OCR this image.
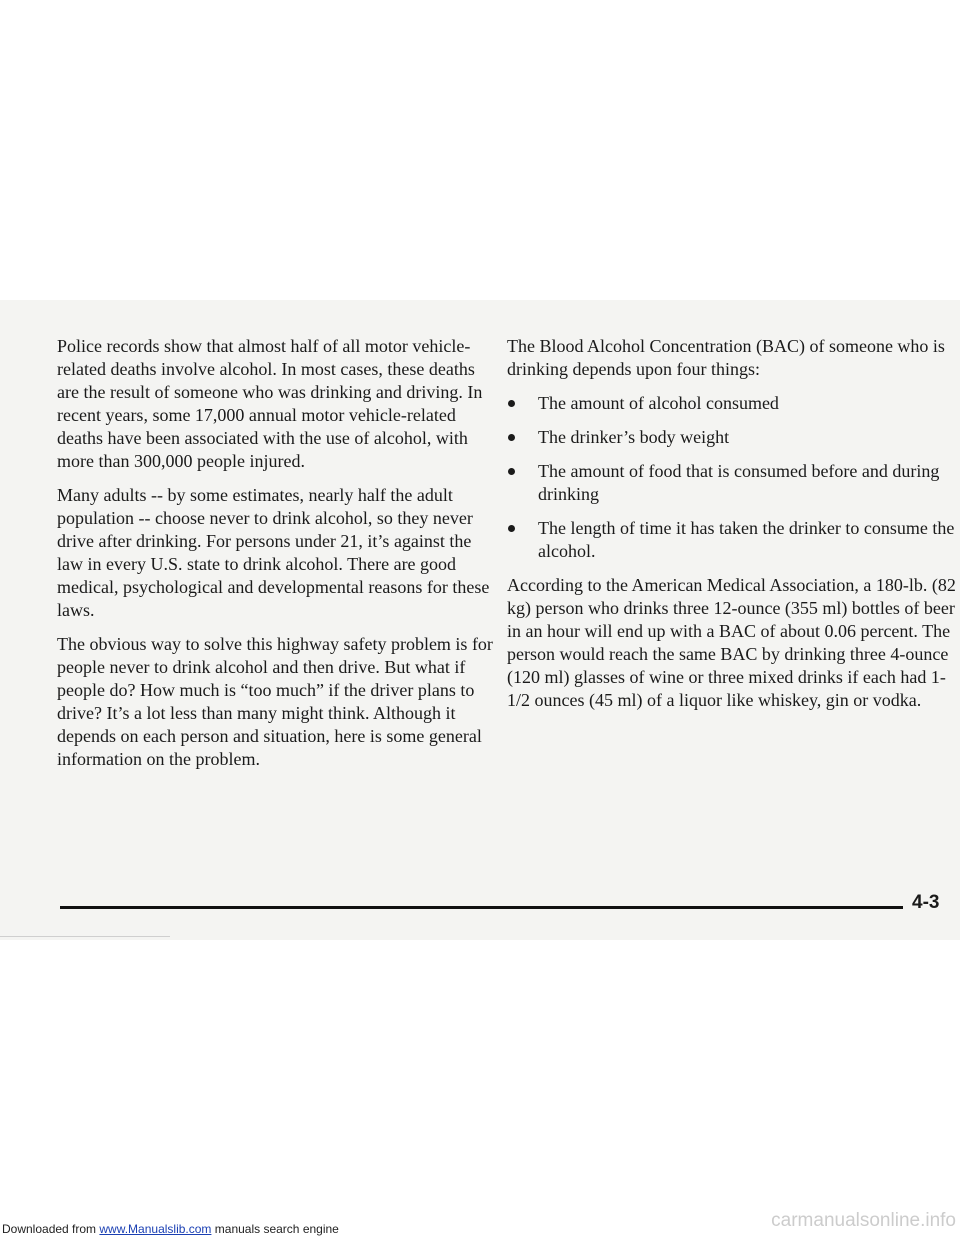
Police records show that almost half of all motor vehicle-related deaths involve alcohol. In most cases, these deaths are the result of someone who was drinking and driving. In recent years, some 17,000 annual motor vehicle-related deaths have been associated with the use of alcohol, with more than 300,000 people injured.

Many adults -- by some estimates, nearly half the adult population -- choose never to drink alcohol, so they never drive after drinking. For persons under 21, it’s against the law in every U.S. state to drink alcohol. There are good medical, psychological and developmental reasons for these laws.

The obvious way to solve this highway safety problem is for people never to drink alcohol and then drive. But what if people do? How much is “too much” if the driver plans to drive? It’s a lot less than many might think. Although it depends on each person and situation, here is some general information on the problem.

The Blood Alcohol Concentration (BAC) of someone who is drinking depends upon four things:

The amount of alcohol consumed
The drinker’s body weight
The amount of food that is consumed before and during drinking
The length of time it has taken the drinker to consume the alcohol.

According to the American Medical Association, a 180-lb. (82 kg) person who drinks three 12-ounce (355 ml) bottles of beer in an hour will end up with a BAC of about 0.06 percent. The person would reach the same BAC by drinking three 4-ounce (120 ml) glasses of wine or three mixed drinks if each had 1-1/2 ounces (45 ml) of a liquor like whiskey, gin or vodka.

4-3
Downloaded from www.Manualslib.com manuals search engine	carmanualsonline.info
